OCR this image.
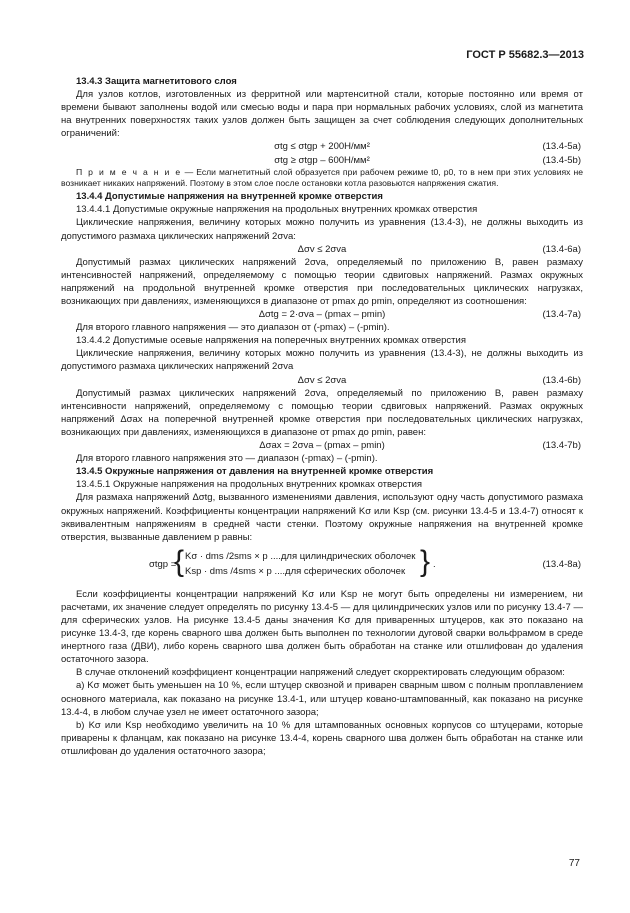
ГОСТ Р 55682.3—2013

13.4.3 Защита магнетитового слоя

Для узлов котлов, изготовленных из ферритной или мартенситной стали, которые постоянно или время от времени бывают заполнены водой или смесью воды и пара при нормальных рабочих условиях, слой из магнетита на внутренних поверхностях таких узлов должен быть защищен за счет соблюдения следующих дополнительных ограничений:

σtg ≤ σtgp + 200Н/мм²	(13.4-5a)
σtg ≥ σtgp – 600Н/мм²	(13.4-5b)

П р и м е ч а н и е — Если магнетитный слой образуется при рабочем режиме t0, p0, то в нем при этих условиях не возникает никаких напряжений. Поэтому в этом слое после остановки котла разовьются напряжения сжатия.

13.4.4 Допустимые напряжения на внутренней кромке отверстия

13.4.4.1 Допустимые окружные напряжения на продольных внутренних кромках отверстия

Циклические напряжения, величину которых можно получить из уравнения (13.4-3), не должны выходить из допустимого размаха циклических напряжений 2σva:

Δσv ≤ 2σva	(13.4-6a)

Допустимый размах циклических напряжений 2σva, определяемый по приложению В, равен размаху интенсивностей напряжений, определяемому с помощью теории сдвиговых напряжений. Размах окружных напряжений на продольной внутренней кромке отверстия при последовательных циклических нагрузках, возникающих при давлениях, изменяющихся в диапазоне от pmax до pmin, определяют из соотношения:

Δσtg = 2·σva – (pmax – pmin)	(13.4-7a)

Для второго главного напряжения — это диапазон от (-pmax) – (-pmin).

13.4.4.2 Допустимые осевые напряжения на поперечных внутренних кромках отверстия

Циклические напряжения, величину которых можно получить из уравнения (13.4-3), не должны выходить из допустимого размаха циклических напряжений 2σva

Δσv ≤ 2σva	(13.4-6b)

Допустимый размах циклических напряжений 2σva, определяемый по приложению В, равен размаху интенсивности напряжений, определяемому с помощью теории сдвиговых напряжений. Размах окружных напряжений Δσax на поперечной внутренней кромке отверстия при последовательных циклических нагрузках, возникающих при давлениях, изменяющихся в диапазоне от pmax до pmin, равен:

Δσax = 2σva – (pmax – pmin)	(13.4-7b)

Для второго главного напряжения это — диапазон (-pmax) – (-pmin).

13.4.5 Окружные напряжения от давления на внутренней кромке отверстия

13.4.5.1 Окружные напряжения на продольных внутренних кромках отверстия

Для размаха напряжений Δσtg, вызванного изменениями давления, используют одну часть допустимого размаха окружных напряжений. Коэффициенты концентрации напряжений Kσ или Ksp (см. рисунки 13.4-5 и 13.4-7) относят к эквивалентным напряжениям в средней части стенки. Поэтому окружные напряжения на внутренней кромке отверстия, вызванные давлением p равны:

σtgp =
{ Kσ · dms /2sms × p ....для цилиндрических оболочек
Ksp · dms /4sms × p ....для сферических оболочек } .	(13.4-8a)

Если коэффициенты концентрации напряжений Kσ или Ksp не могут быть определены ни измерением, ни расчетами, их значение следует определять по рисунку 13.4-5 — для цилиндрических узлов или по рисунку 13.4-7 — для сферических узлов. На рисунке 13.4-5 даны значения Kσ для приваренных штуцеров, как это показано на рисунке 13.4-3, где корень сварного шва должен быть выполнен по технологии дуговой сварки вольфрамом в среде инертного газа (ДВИ), либо корень сварного шва должен быть обработан на станке или отшлифован до удаления остаточного зазора.

В случае отклонений коэффициент концентрации напряжений следует скорректировать следующим образом:

а) Kσ может быть уменьшен на 10 %, если штуцер сквозной и приварен сварным швом с полным проплавлением основного материала, как показано на рисунке 13.4-1, или штуцер ковано-штампованный, как показано на рисунке 13.4-4, в любом случае узел не имеет остаточного зазора;

b) Kσ или Ksp необходимо увеличить на 10 % для штампованных основных корпусов со штуцерами, которые приварены к фланцам, как показано на рисунке 13.4-4, корень сварного шва должен быть обработан на станке или отшлифован до удаления остаточного зазора;

77
